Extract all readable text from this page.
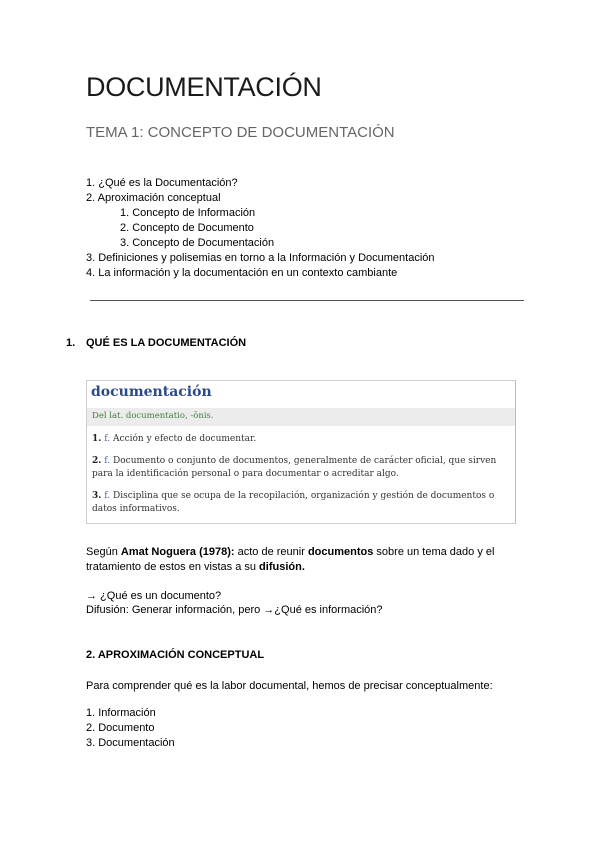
DOCUMENTACIÓN
TEMA 1: CONCEPTO DE DOCUMENTACIÓN
1. ¿Qué es la Documentación?
2. Aproximación conceptual
1. Concepto de Información
2. Concepto de Documento
3. Concepto de Documentación
3. Definiciones y polisemias en torno a la Información y Documentación
4. La información y la documentación en un contexto cambiante
1. QUÉ ES LA DOCUMENTACIÓN
documentación
Del lat. documentatio, -ōnis.
1. f. Acción y efecto de documentar.
2. f. Documento o conjunto de documentos, generalmente de carácter oficial, que sirven para la identificación personal o para documentar o acreditar algo.
3. f. Disciplina que se ocupa de la recopilación, organización y gestión de documentos o datos informativos.
Según Amat Noguera (1978): acto de reunir documentos sobre un tema dado y el tratamiento de estos en vistas a su difusión.
→ ¿Qué es un documento?
Difusión: Generar información, pero →¿Qué es información?
2. APROXIMACIÓN CONCEPTUAL
Para comprender qué es la labor documental, hemos de precisar conceptualmente:
1. Información
2. Documento
3. Documentación
